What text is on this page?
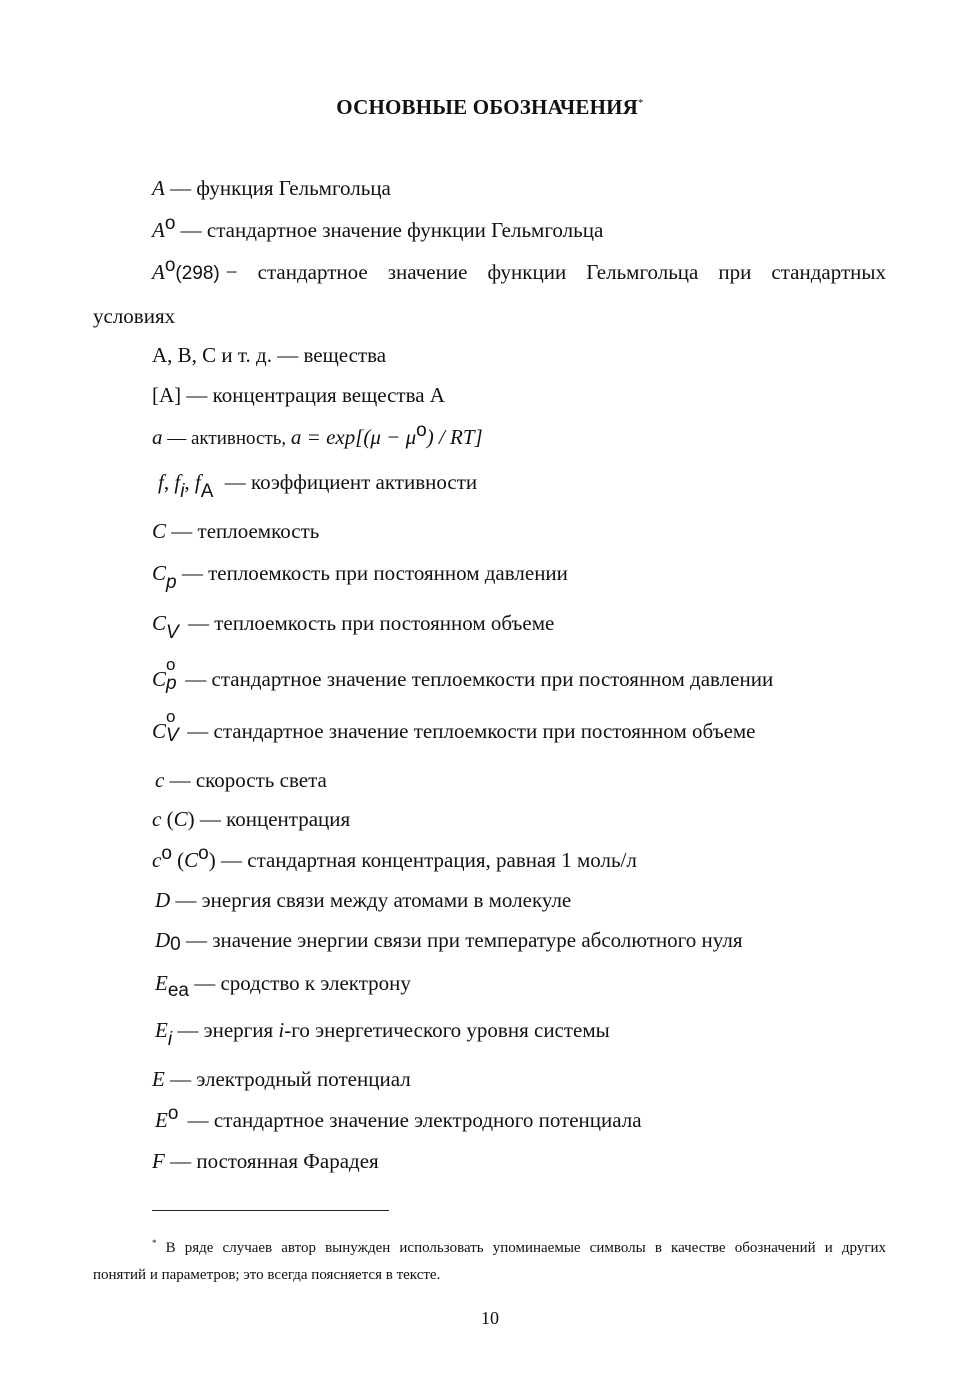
ОСНОВНЫЕ ОБОЗНАЧЕНИЯ*
A — функция Гельмгольца
Ao — стандартное значение функции Гельмгольца
Ao(298) − стандартное значение функции Гельмгольца при стандартных
условиях
А, В, С и т. д. — вещества
[А] — концентрация вещества А
a — активность, a = exp[(μ − μo) / RT]
f, fi, fA — коэффициент активности
C — теплоемкость
Cp — теплоемкость при постоянном давлении
CV — теплоемкость при постоянном объеме
C
o
p — стандартное значение теплоемкости при постоянном давлении
C
o
V — стандартное значение теплоемкости при постоянном объеме
c — скорость света
c (C) — концентрация
co (Co) — стандартная концентрация, равная 1 моль/л
D — энергия связи между атомами в молекуле
D0 — значение энергии связи при температуре абсолютного нуля
Eea — сродство к электрону
Ei — энергия i-го энергетического уровня системы
E — электродный потенциал
Eo — стандартное значение электродного потенциала
F — постоянная Фарадея
* В ряде случаев автор вынужден использовать упоминаемые символы в качестве обозначений и других
понятий и параметров; это всегда поясняется в тексте.
10
